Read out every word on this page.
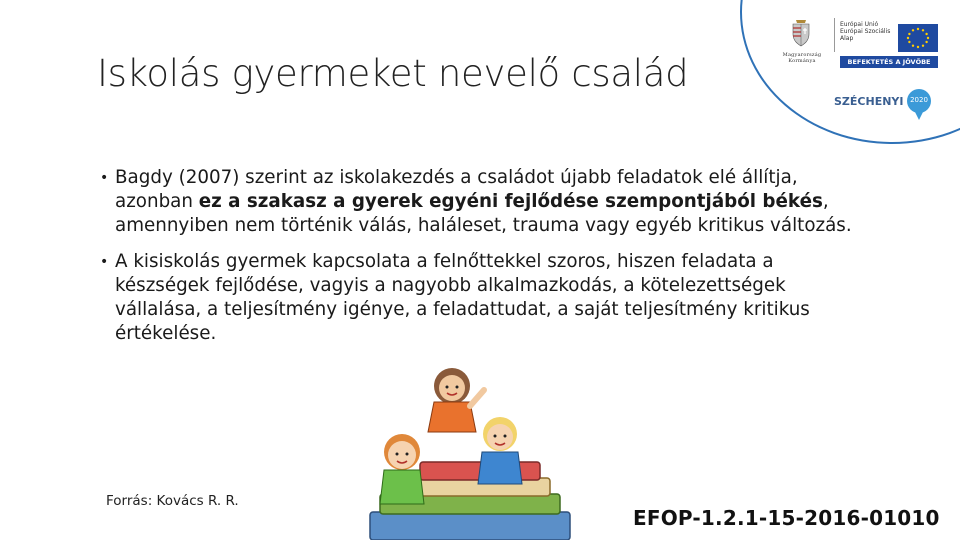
Iskolás gyermeket nevelő család	Magyarország Kormánya
Európai Unió Európai Szociális Alap
BEFEKTETÉS A JÖVŐBE
SZÉCHENYI 2020
• Bagdy (2007) szerint az iskolakezdés a családot újabb feladatok elé állítja, azonban ez a szakasz a gyerek egyéni fejlődése szempontjából békés, amennyiben nem történik válás, haláleset, trauma vagy egyéb kritikus változás.
• A kisiskolás gyermek kapcsolata a felnőttekkel szoros, hiszen feladata a készségek fejlődése, vagyis a nagyobb alkalmazkodás, a kötelezettségek vállalása, a teljesítmény igénye, a feladattudat, a saját teljesítmény kritikus értékelése.
Forrás: Kovács R. R.
EFOP-1.2.1-15-2016-01010
